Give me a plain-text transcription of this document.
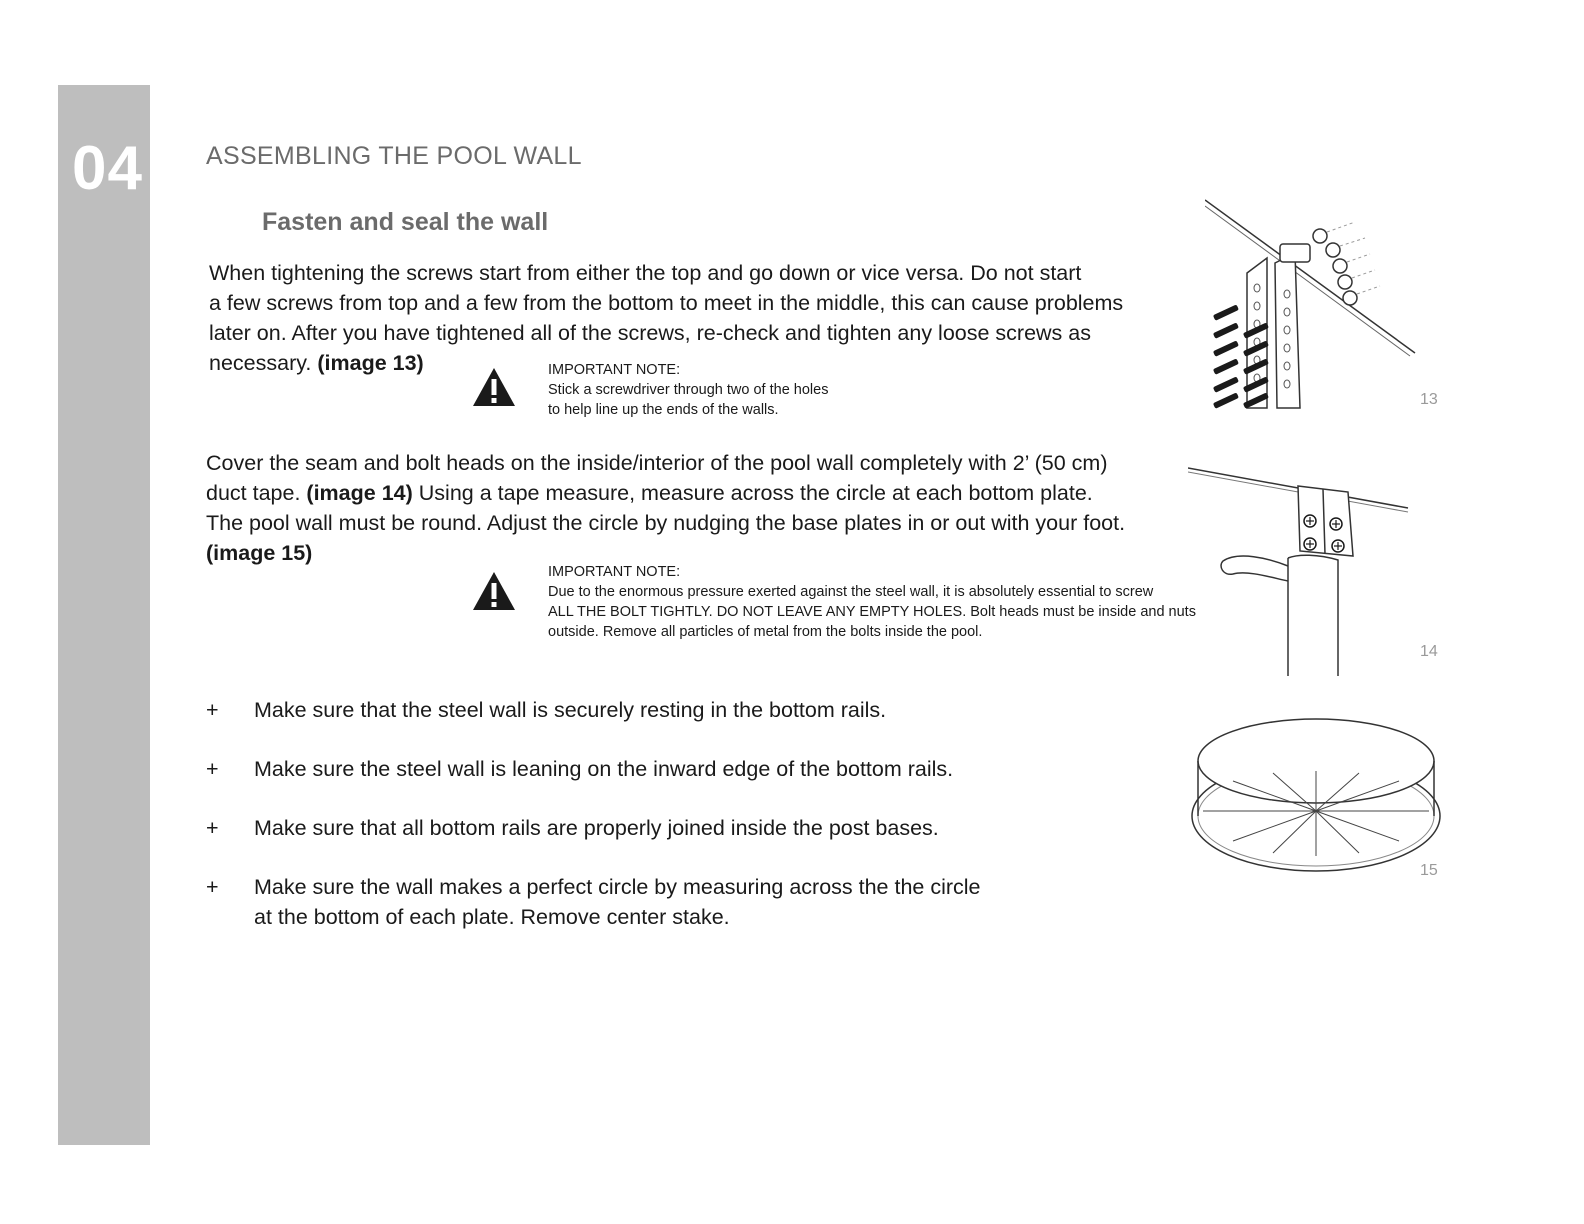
04	ASSEMBLING THE POOL WALL
Fasten and seal the wall
When tightening the screws start from either the top and go down or vice versa. Do not start
a few screws from top and a few from the bottom to meet in the middle, this can cause problems
later on. After you have tightened all of the screws, re-check and tighten any loose screws as
necessary. (image 13)	IMPORTANT NOTE:
Stick a screwdriver through two of the holes
to help line up the ends of the walls.
Cover the seam and bolt heads on the inside/interior of the pool wall completely with 2’ (50 cm)
duct tape. (image 14) Using a tape measure, measure across the circle at each bottom plate.
The pool wall must be round. Adjust the circle by nudging the base plates in or out with your foot.
(image 15)
IMPORTANT NOTE:
Due to the enormous pressure exerted against the steel wall, it is absolutely essential to screw
ALL THE BOLT TIGHTLY. DO NOT LEAVE ANY EMPTY HOLES. Bolt heads must be inside and nuts
outside. Remove all particles of metal from the bolts inside the pool.
+ Make sure that the steel wall is securely resting in the bottom rails.
+ Make sure the steel wall is leaning on the inward edge of the bottom rails.
+ Make sure that all bottom rails are properly joined inside the post bases.
+ Make sure the wall makes a perfect circle by measuring across the the circle
at the bottom of each plate. Remove center stake.
13
14
15
